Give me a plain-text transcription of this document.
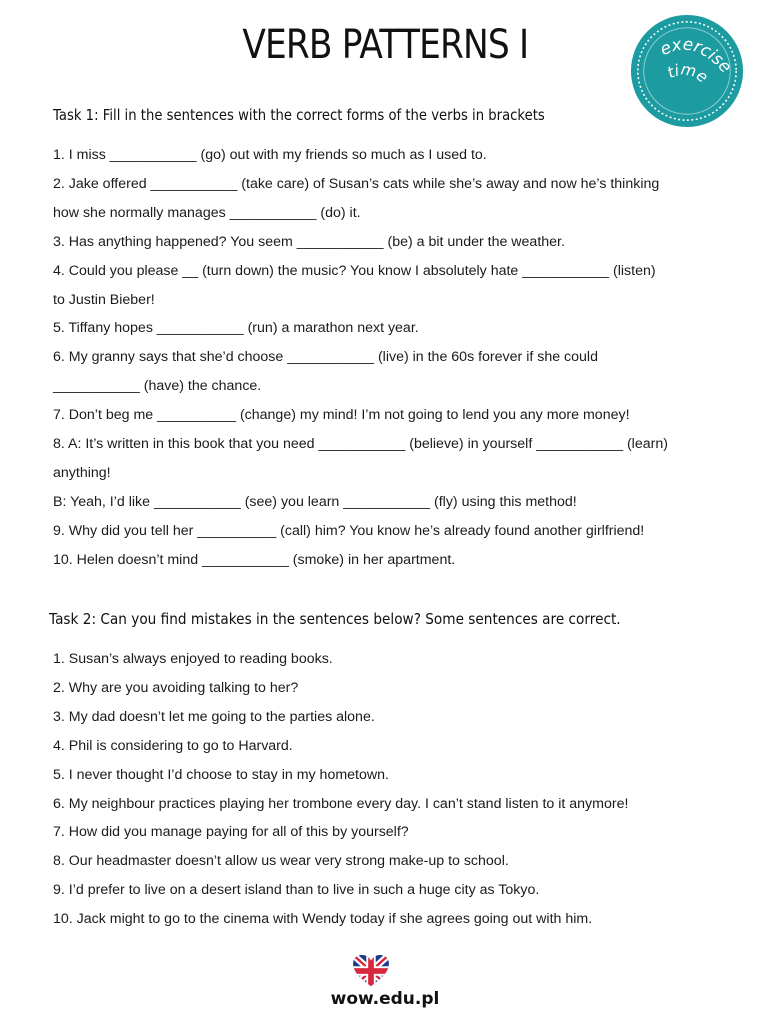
VERB PATTERNS I	exercise
time
Task 1: Fill in the sentences with the correct forms of the verbs in brackets
1. I miss ___________ (go) out with my friends so much as I used to.
2. Jake offered ___________ (take care) of Susan’s cats while she’s away and now he’s thinking
how she normally manages ___________ (do) it.
3. Has anything happened? You seem ___________ (be) a bit under the weather.
4. Could you please __ (turn down) the music? You know I absolutely hate ___________ (listen)
to Justin Bieber!
5. Tiffany hopes ___________ (run) a marathon next year.
6. My granny says that she’d choose ___________ (live) in the 60s forever if she could
___________ (have) the chance.
7. Don’t beg me __________ (change) my mind! I’m not going to lend you any more money!
8. A: It’s written in this book that you need ___________ (believe) in yourself ___________ (learn)
anything!
B: Yeah, I’d like ___________ (see) you learn ___________ (fly) using this method!
9. Why did you tell her __________ (call) him? You know he’s already found another girlfriend!
10. Helen doesn’t mind ___________ (smoke) in her apartment.
Task 2: Can you find mistakes in the sentences below? Some sentences are correct.
1. Susan’s always enjoyed to reading books.
2. Why are you avoiding talking to her?
3. My dad doesn’t let me going to the parties alone.
4. Phil is considering to go to Harvard.
5. I never thought I’d choose to stay in my hometown.
6. My neighbour practices playing her trombone every day. I can’t stand listen to it anymore!
7. How did you manage paying for all of this by yourself?
8. Our headmaster doesn’t allow us wear very strong make-up to school.
9. I’d prefer to live on a desert island than to live in such a huge city as Tokyo.
10. Jack might to go to the cinema with Wendy today if she agrees going out with him.
wow.edu.pl
